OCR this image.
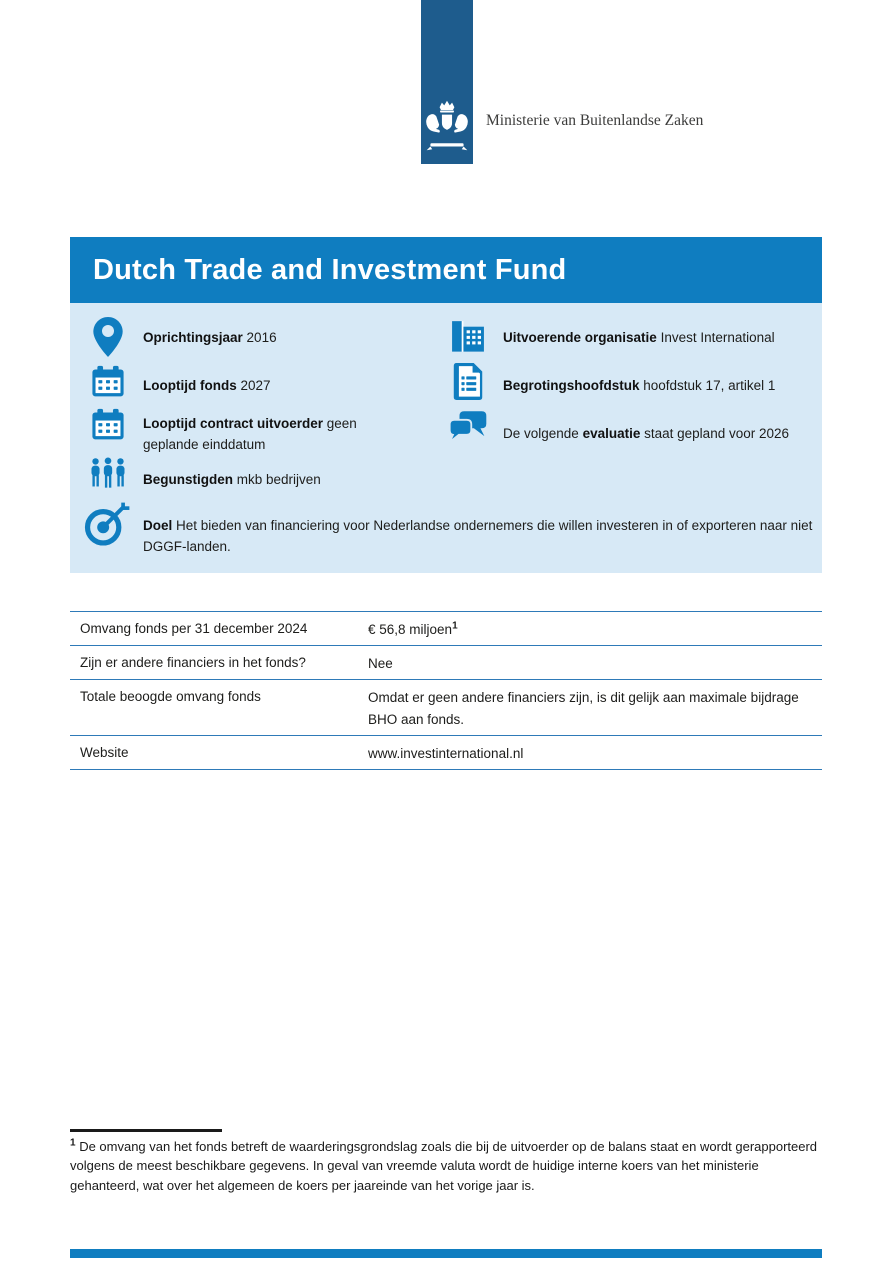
Ministerie van Buitenlandse Zaken
Dutch Trade and Investment Fund
Oprichtingsjaar 2016
Looptijd fonds 2027
Looptijd contract uitvoerder geen geplande einddatum
Begunstigden mkb bedrijven
Uitvoerende organisatie Invest International
Begrotingshoofdstuk hoofdstuk 17, artikel 1
De volgende evaluatie staat gepland voor 2026
Doel Het bieden van financiering voor Nederlandse ondernemers die willen investeren in of exporteren naar niet DGGF-landen.
Omvang fonds per 31 december 2024	€ 56,8 miljoen$^1$
Zijn er andere financiers in het fonds?	Nee
Totale beoogde omvang fonds	Omdat er geen andere financiers zijn, is dit gelijk aan maximale bijdrage BHO aan fonds.
Website	www.investinternational.nl
$^1$ De omvang van het fonds betreft de waarderingsgrondslag zoals die bij de uitvoerder op de balans staat en wordt gerapporteerd volgens de meest beschikbare gegevens. In geval van vreemde valuta wordt de huidige interne koers van het ministerie gehanteerd, wat over het algemeen de koers per jaareinde van het vorige jaar is.
